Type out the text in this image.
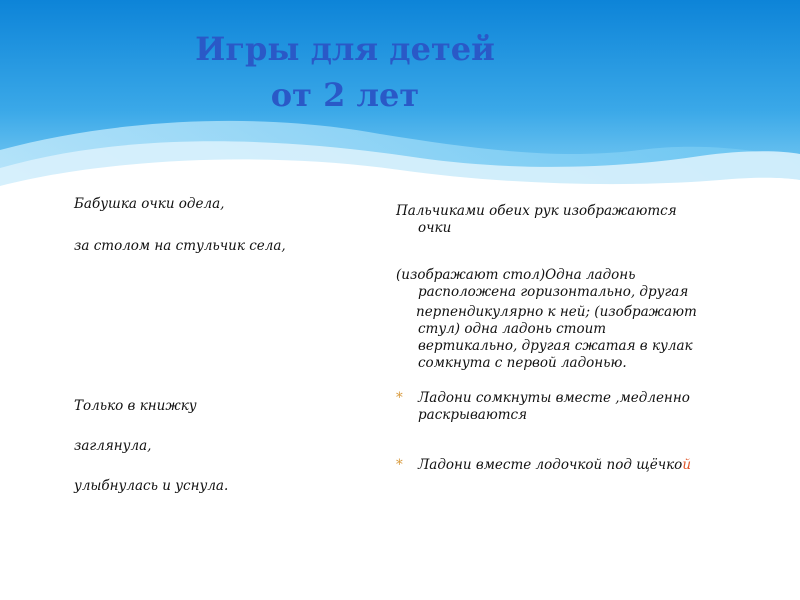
Игры для детей
от 2 лет

Бабушка очки одела,

за столом на стульчик села,

Только в книжку

заглянула,

улыбнулась и уснула.

Пальчиками обеих рук изображаются
очки
(изображают стол)Одна ладонь
расположена горизонтально, другая
перпендикулярно к ней; (изображают
стул) одна ладонь стоит
вертикально, другая сжатая в кулак
сомкнута с первой ладонью.
* Ладони сомкнуты вместе ,медленно
раскрываются
* Ладони вместе лодочкой под щёчкой
